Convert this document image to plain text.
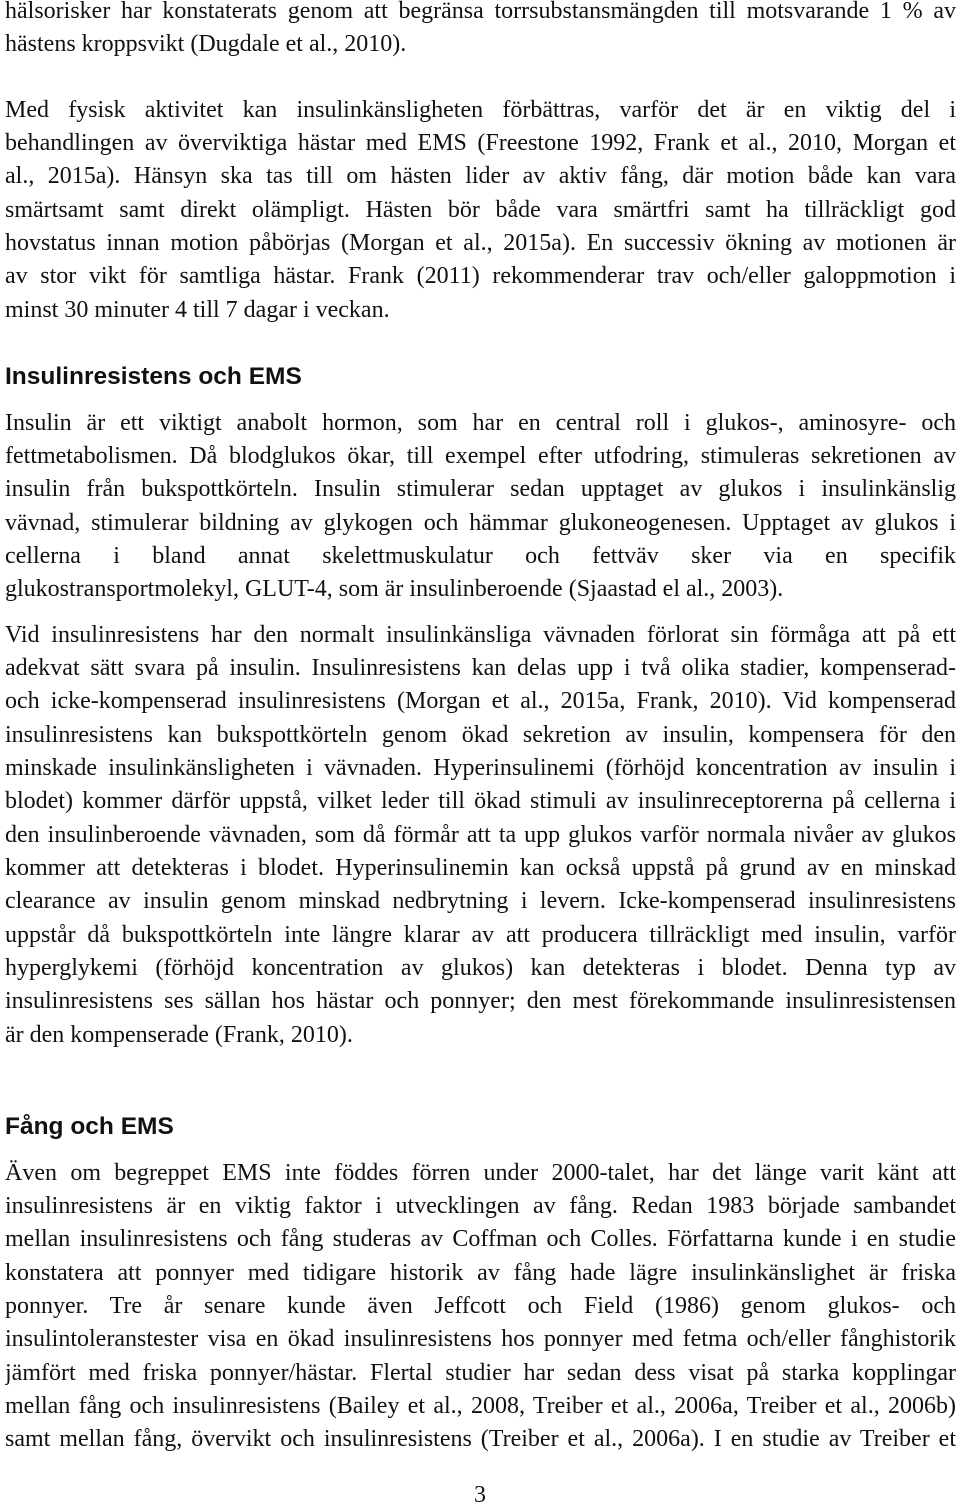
hälsorisker har konstaterats genom att begränsa torrsubstansmängden till motsvarande 1 % av
hästens kroppsvikt (Dugdale et al., 2010).
Med fysisk aktivitet kan insulinkänsligheten förbättras, varför det är en viktig del i
behandlingen av överviktiga hästar med EMS (Freestone 1992, Frank et al., 2010, Morgan et
al., 2015a). Hänsyn ska tas till om hästen lider av aktiv fång, där motion både kan vara
smärtsamt samt direkt olämpligt. Hästen bör både vara smärtfri samt ha tillräckligt god
hovstatus innan motion påbörjas (Morgan et al., 2015a). En successiv ökning av motionen är
av stor vikt för samtliga hästar. Frank (2011) rekommenderar trav och/eller galoppmotion i
minst 30 minuter 4 till 7 dagar i veckan.
Insulinresistens och EMS
Insulin är ett viktigt anabolt hormon, som har en central roll i glukos-, aminosyre- och
fettmetabolismen. Då blodglukos ökar, till exempel efter utfodring, stimuleras sekretionen av
insulin från bukspottkörteln. Insulin stimulerar sedan upptaget av glukos i insulinkänslig
vävnad, stimulerar bildning av glykogen och hämmar glukoneogenesen. Upptaget av glukos i
cellerna i bland annat skelettmuskulatur och fettväv sker via en specifik
glukostransportmolekyl, GLUT-4, som är insulinberoende (Sjaastad el al., 2003).
Vid insulinresistens har den normalt insulinkänsliga vävnaden förlorat sin förmåga att på ett
adekvat sätt svara på insulin. Insulinresistens kan delas upp i två olika stadier, kompenserad-
och icke-kompenserad insulinresistens (Morgan et al., 2015a, Frank, 2010). Vid kompenserad
insulinresistens kan bukspottkörteln genom ökad sekretion av insulin, kompensera för den
minskade insulinkänsligheten i vävnaden. Hyperinsulinemi (förhöjd koncentration av insulin i
blodet) kommer därför uppstå, vilket leder till ökad stimuli av insulinreceptorerna på cellerna i
den insulinberoende vävnaden, som då förmår att ta upp glukos varför normala nivåer av glukos
kommer att detekteras i blodet. Hyperinsulinemin kan också uppstå på grund av en minskad
clearance av insulin genom minskad nedbrytning i levern. Icke-kompenserad insulinresistens
uppstår då bukspottkörteln inte längre klarar av att producera tillräckligt med insulin, varför
hyperglykemi (förhöjd koncentration av glukos) kan detekteras i blodet. Denna typ av
insulinresistens ses sällan hos hästar och ponnyer; den mest förekommande insulinresistensen
är den kompenserade (Frank, 2010).
Fång och EMS
Även om begreppet EMS inte föddes förren under 2000-talet, har det länge varit känt att
insulinresistens är en viktig faktor i utvecklingen av fång. Redan 1983 började sambandet
mellan insulinresistens och fång studeras av Coffman och Colles. Författarna kunde i en studie
konstatera att ponnyer med tidigare historik av fång hade lägre insulinkänslighet är friska
ponnyer. Tre år senare kunde även Jeffcott och Field (1986) genom glukos- och
insulintoleranstester visa en ökad insulinresistens hos ponnyer med fetma och/eller fånghistorik
jämfört med friska ponnyer/hästar. Flertal studier har sedan dess visat på starka kopplingar
mellan fång och insulinresistens (Bailey et al., 2008, Treiber et al., 2006a, Treiber et al., 2006b)
samt mellan fång, övervikt och insulinresistens (Treiber et al., 2006a). I en studie av Treiber et
3
